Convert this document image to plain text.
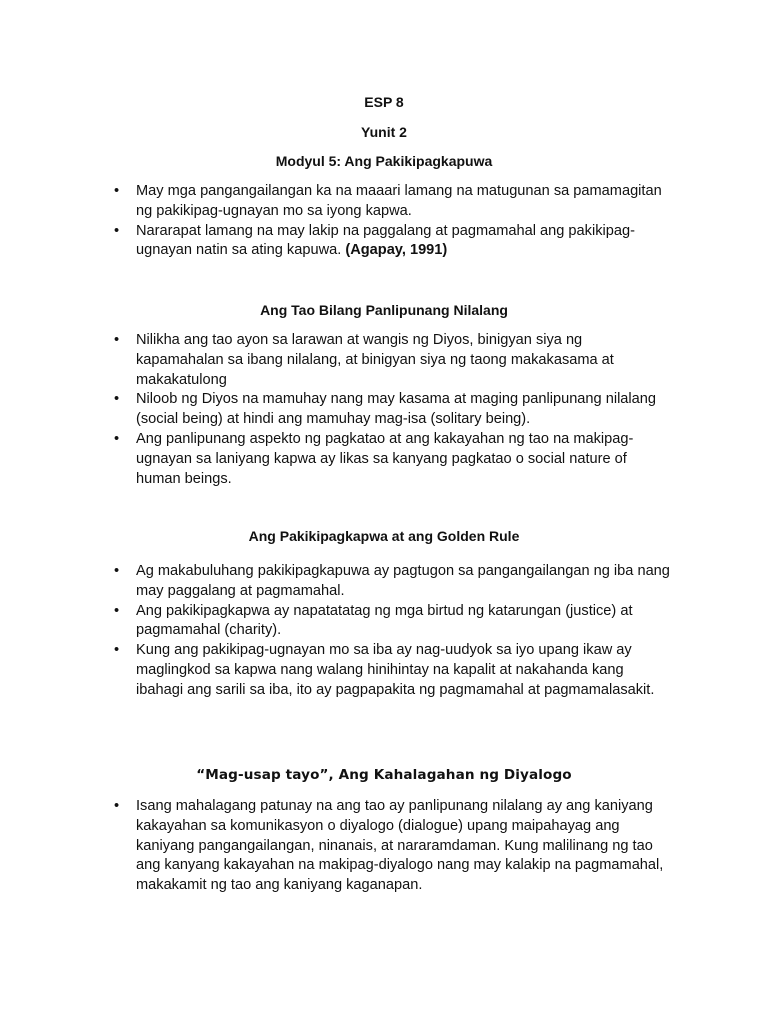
ESP 8
Yunit 2
Modyul 5: Ang Pakikipagkapuwa
• May mga pangangailangan ka na maaari lamang na matugunan sa pamamagitan ng pakikipag-ugnayan mo sa iyong kapwa.
• Nararapat lamang na may lakip na paggalang at pagmamahal ang pakikipag-ugnayan natin sa ating kapuwa. (Agapay, 1991)
Ang Tao Bilang Panlipunang Nilalang
• Nilikha ang tao ayon sa larawan at wangis ng Diyos, binigyan siya ng kapamahalan sa ibang nilalang, at binigyan siya ng taong makakasama at makakatulong
• Niloob ng Diyos na mamuhay nang may kasama at maging panlipunang nilalang (social being) at hindi ang mamuhay mag-isa (solitary being).
• Ang panlipunang aspekto ng pagkatao at ang kakayahan ng tao na makipag-ugnayan sa laniyang kapwa ay likas sa kanyang pagkatao o social nature of human beings.
Ang Pakikipagkapwa at ang Golden Rule
• Ag makabuluhang pakikipagkapuwa ay pagtugon sa pangangailangan ng iba nang may paggalang at pagmamahal.
• Ang pakikipagkapwa ay napatatatag ng mga birtud ng katarungan (justice) at pagmamahal (charity).
• Kung ang pakikipag-ugnayan mo sa iba ay nag-uudyok sa iyo upang ikaw ay maglingkod sa kapwa nang walang hinihintay na kapalit at nakahanda kang ibahagi ang sarili sa iba, ito ay pagpapakita ng pagmamahal at pagmamalasakit.
“Mag-usap tayo”, Ang Kahalagahan ng Diyalogo
• Isang mahalagang patunay na ang tao ay panlipunang nilalang ay ang kaniyang kakayahan sa komunikasyon o diyalogo (dialogue) upang maipahayag ang kaniyang pangangailangan, ninanais, at nararamdaman. Kung malilinang ng tao ang kanyang kakayahan na makipag-diyalogo nang may kalakip na pagmamahal, makakamit ng tao ang kaniyang kaganapan.
